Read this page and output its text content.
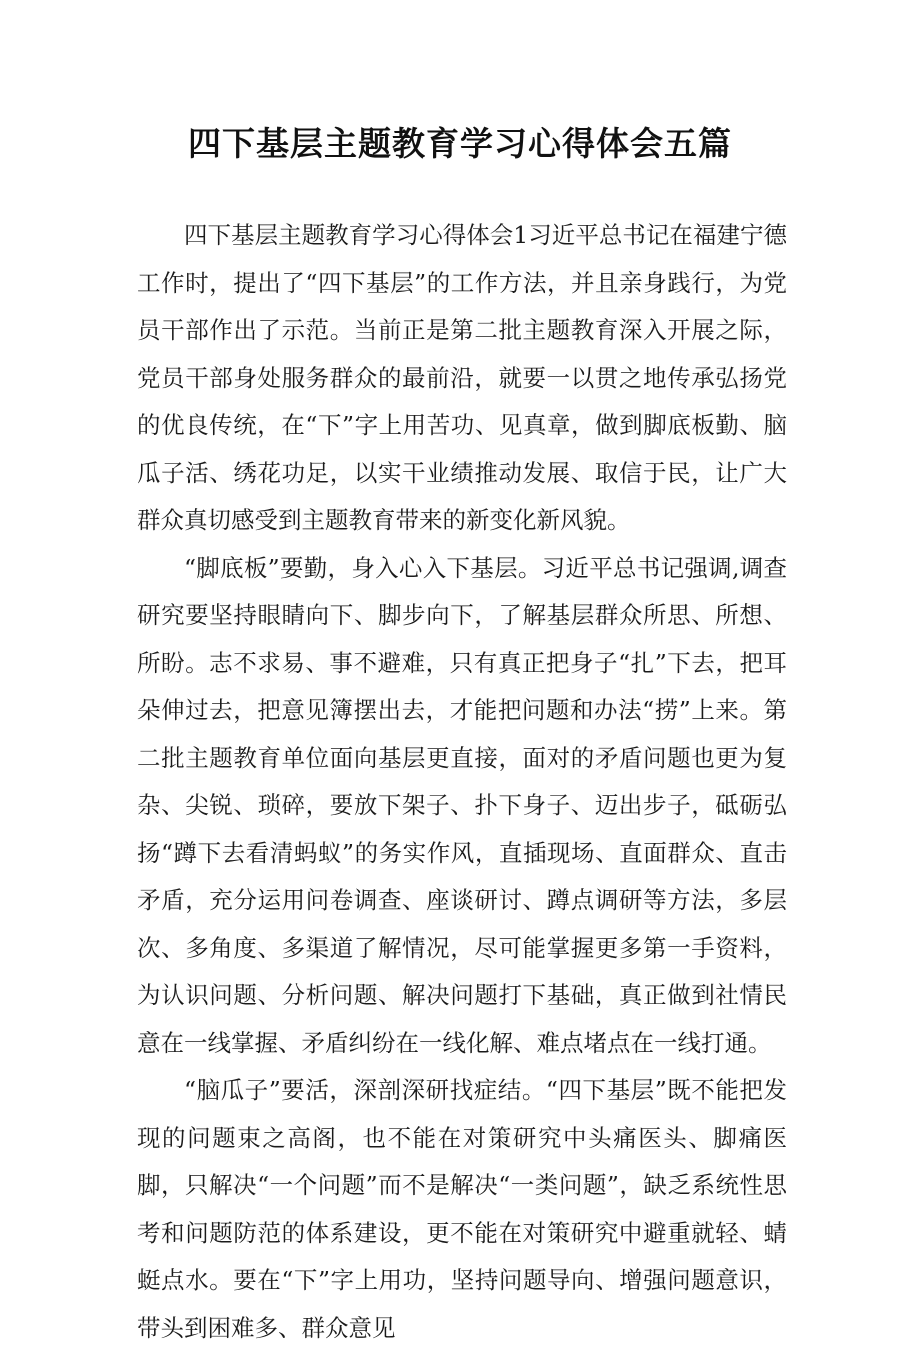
四下基层主题教育学习心得体会五篇

四下基层主题教育学习心得体会1习近平总书记在福建宁德工作时，提出了“四下基层”的工作方法，并且亲身践行，为党员干部作出了示范。当前正是第二批主题教育深入开展之际，党员干部身处服务群众的最前沿，就要一以贯之地传承弘扬党的优良传统，在“下”字上用苦功、见真章，做到脚底板勤、脑瓜子活、绣花功足，以实干业绩推动发展、取信于民，让广大群众真切感受到主题教育带来的新变化新风貌。

“脚底板”要勤，身入心入下基层。习近平总书记强调,调查研究要坚持眼睛向下、脚步向下，了解基层群众所思、所想、所盼。志不求易、事不避难，只有真正把身子“扎”下去，把耳朵伸过去，把意见簿摆出去，才能把问题和办法“捞”上来。第二批主题教育单位面向基层更直接，面对的矛盾问题也更为复杂、尖锐、琐碎，要放下架子、扑下身子、迈出步子，砥砺弘扬“蹲下去看清蚂蚁”的务实作风，直插现场、直面群众、直击矛盾，充分运用问卷调查、座谈研讨、蹲点调研等方法，多层次、多角度、多渠道了解情况，尽可能掌握更多第一手资料，为认识问题、分析问题、解决问题打下基础，真正做到社情民意在一线掌握、矛盾纠纷在一线化解、难点堵点在一线打通。

“脑瓜子”要活，深剖深研找症结。“四下基层”既不能把发现的问题束之高阁，也不能在对策研究中头痛医头、脚痛医脚，只解决“一个问题”而不是解决“一类问题”，缺乏系统性思考和问题防范的体系建设，更不能在对策研究中避重就轻、蜻蜓点水。要在“下”字上用功，坚持问题导向、增强问题意识，带头到困难多、群众意见
